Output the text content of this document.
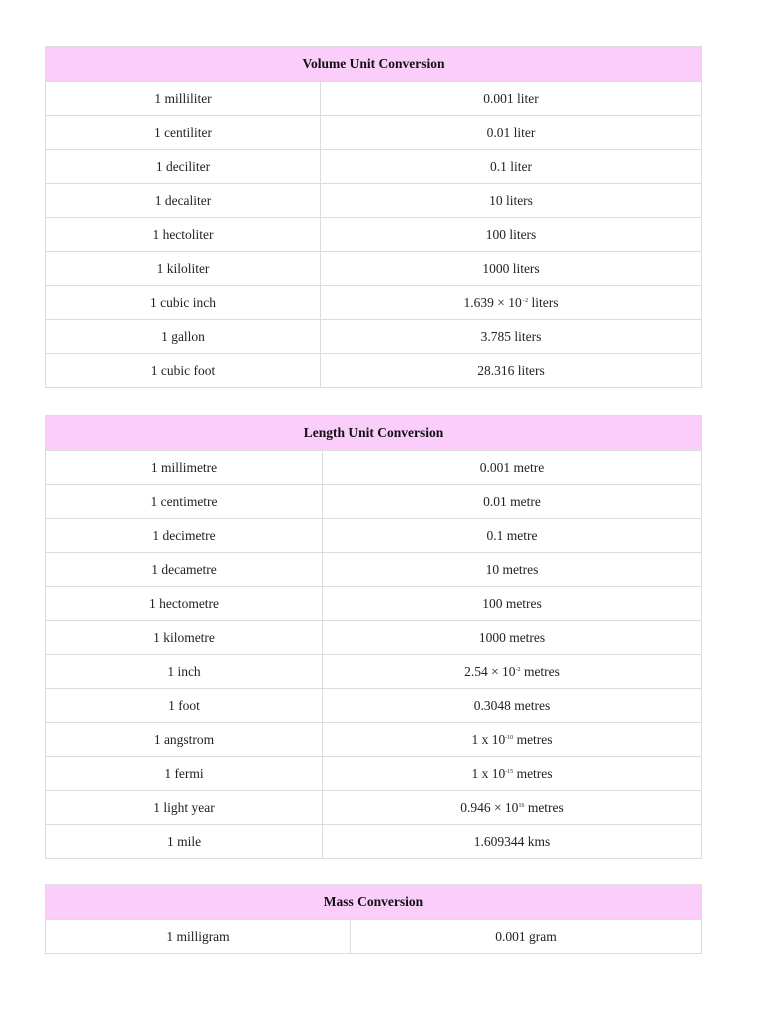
Volume Unit Conversion	
1 milliliter	0.001 liter
1 centiliter	0.01 liter
1 deciliter	0.1 liter
1 decaliter	10 liters
1 hectoliter	100 liters
1 kiloliter	1000 liters
1 cubic inch	$1.639 \times 10^{-2}$ liters
1 gallon	3.785 liters
1 cubic foot	28.316 liters
Length Unit Conversion	
1 millimetre	0.001 metre
1 centimetre	0.01 metre
1 decimetre	0.1 metre
1 decametre	10 metres
1 hectometre	100 metres
1 kilometre	1000 metres
1 inch	$2.54 \times 10^{-2}$ metres
1 foot	0.3048 metres
1 angstrom	1 x $10^{-10}$ metres
1 fermi	1 x $10^{-15}$ metres
1 light year	$0.946 \times 10^{16}$ metres
1 mile	1.609344 kms
Mass Conversion
1 milligram	0.001 gram
